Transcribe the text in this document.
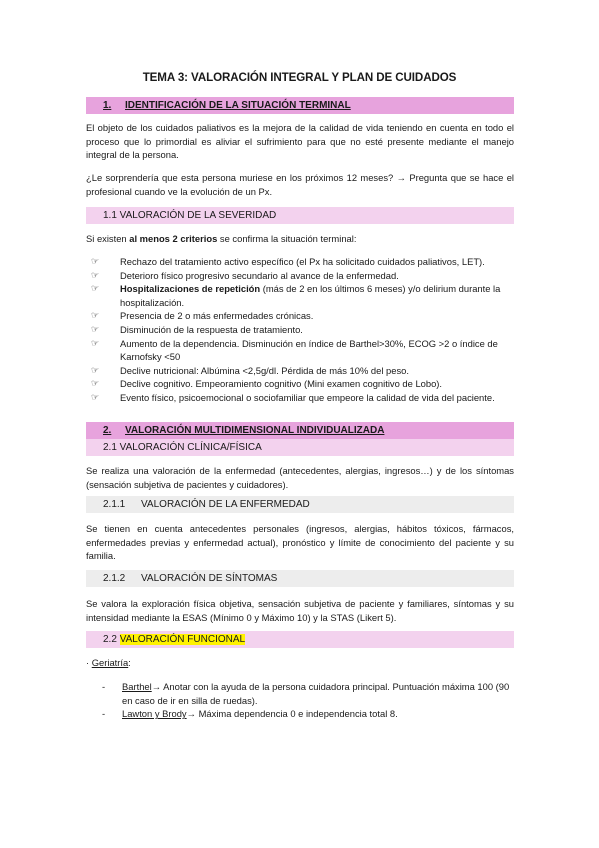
TEMA 3: VALORACIÓN INTEGRAL Y PLAN DE CUIDADOS
1. IDENTIFICACIÓN DE LA SITUACIÓN TERMINAL
El objeto de los cuidados paliativos es la mejora de la calidad de vida teniendo en cuenta en todo el proceso que lo primordial es aliviar el sufrimiento para que no esté presente mediante el manejo integral de la persona.
¿Le sorprendería que esta persona muriese en los próximos 12 meses? → Pregunta que se hace el profesional cuando ve la evolución de un Px.
1.1 VALORACIÓN DE LA SEVERIDAD
Si existen al menos 2 criterios se confirma la situación terminal:
☞ Rechazo del tratamiento activo específico (el Px ha solicitado cuidados paliativos, LET).
☞ Deterioro físico progresivo secundario al avance de la enfermedad.
☞ Hospitalizaciones de repetición (más de 2 en los últimos 6 meses) y/o delirium durante la hospitalización.
☞ Presencia de 2 o más enfermedades crónicas.
☞ Disminución de la respuesta de tratamiento.
☞ Aumento de la dependencia. Disminución en índice de Barthel>30%, ECOG >2 o índice de Karnofsky <50
☞ Declive nutricional: Albúmina <2,5g/dl. Pérdida de más 10% del peso.
☞ Declive cognitivo. Empeoramiento cognitivo (Mini examen cognitivo de Lobo).
☞ Evento físico, psicoemocional o sociofamiliar que empeore la calidad de vida del paciente.
2. VALORACIÓN MULTIDIMENSIONAL INDIVIDUALIZADA
2.1 VALORACIÓN CLÍNICA/FÍSICA
Se realiza una valoración de la enfermedad (antecedentes, alergias, ingresos…) y de los síntomas (sensación subjetiva de pacientes y cuidadores).
2.1.1 VALORACIÓN DE LA ENFERMEDAD
Se tienen en cuenta antecedentes personales (ingresos, alergias, hábitos tóxicos, fármacos, enfermedades previas y enfermedad actual), pronóstico y límite de conocimiento del paciente y su familia.
2.1.2 VALORACIÓN DE SÍNTOMAS
Se valora la exploración física objetiva, sensación subjetiva de paciente y familiares, síntomas y su intensidad mediante la ESAS (Mínimo 0 y Máximo 10) y la STAS (Likert 5).
2.2 VALORACIÓN FUNCIONAL
· Geriatría:
- Barthel→ Anotar con la ayuda de la persona cuidadora principal. Puntuación máxima 100 (90 en caso de ir en silla de ruedas).
- Lawton y Brody→ Máxima dependencia 0 e independencia total 8.
